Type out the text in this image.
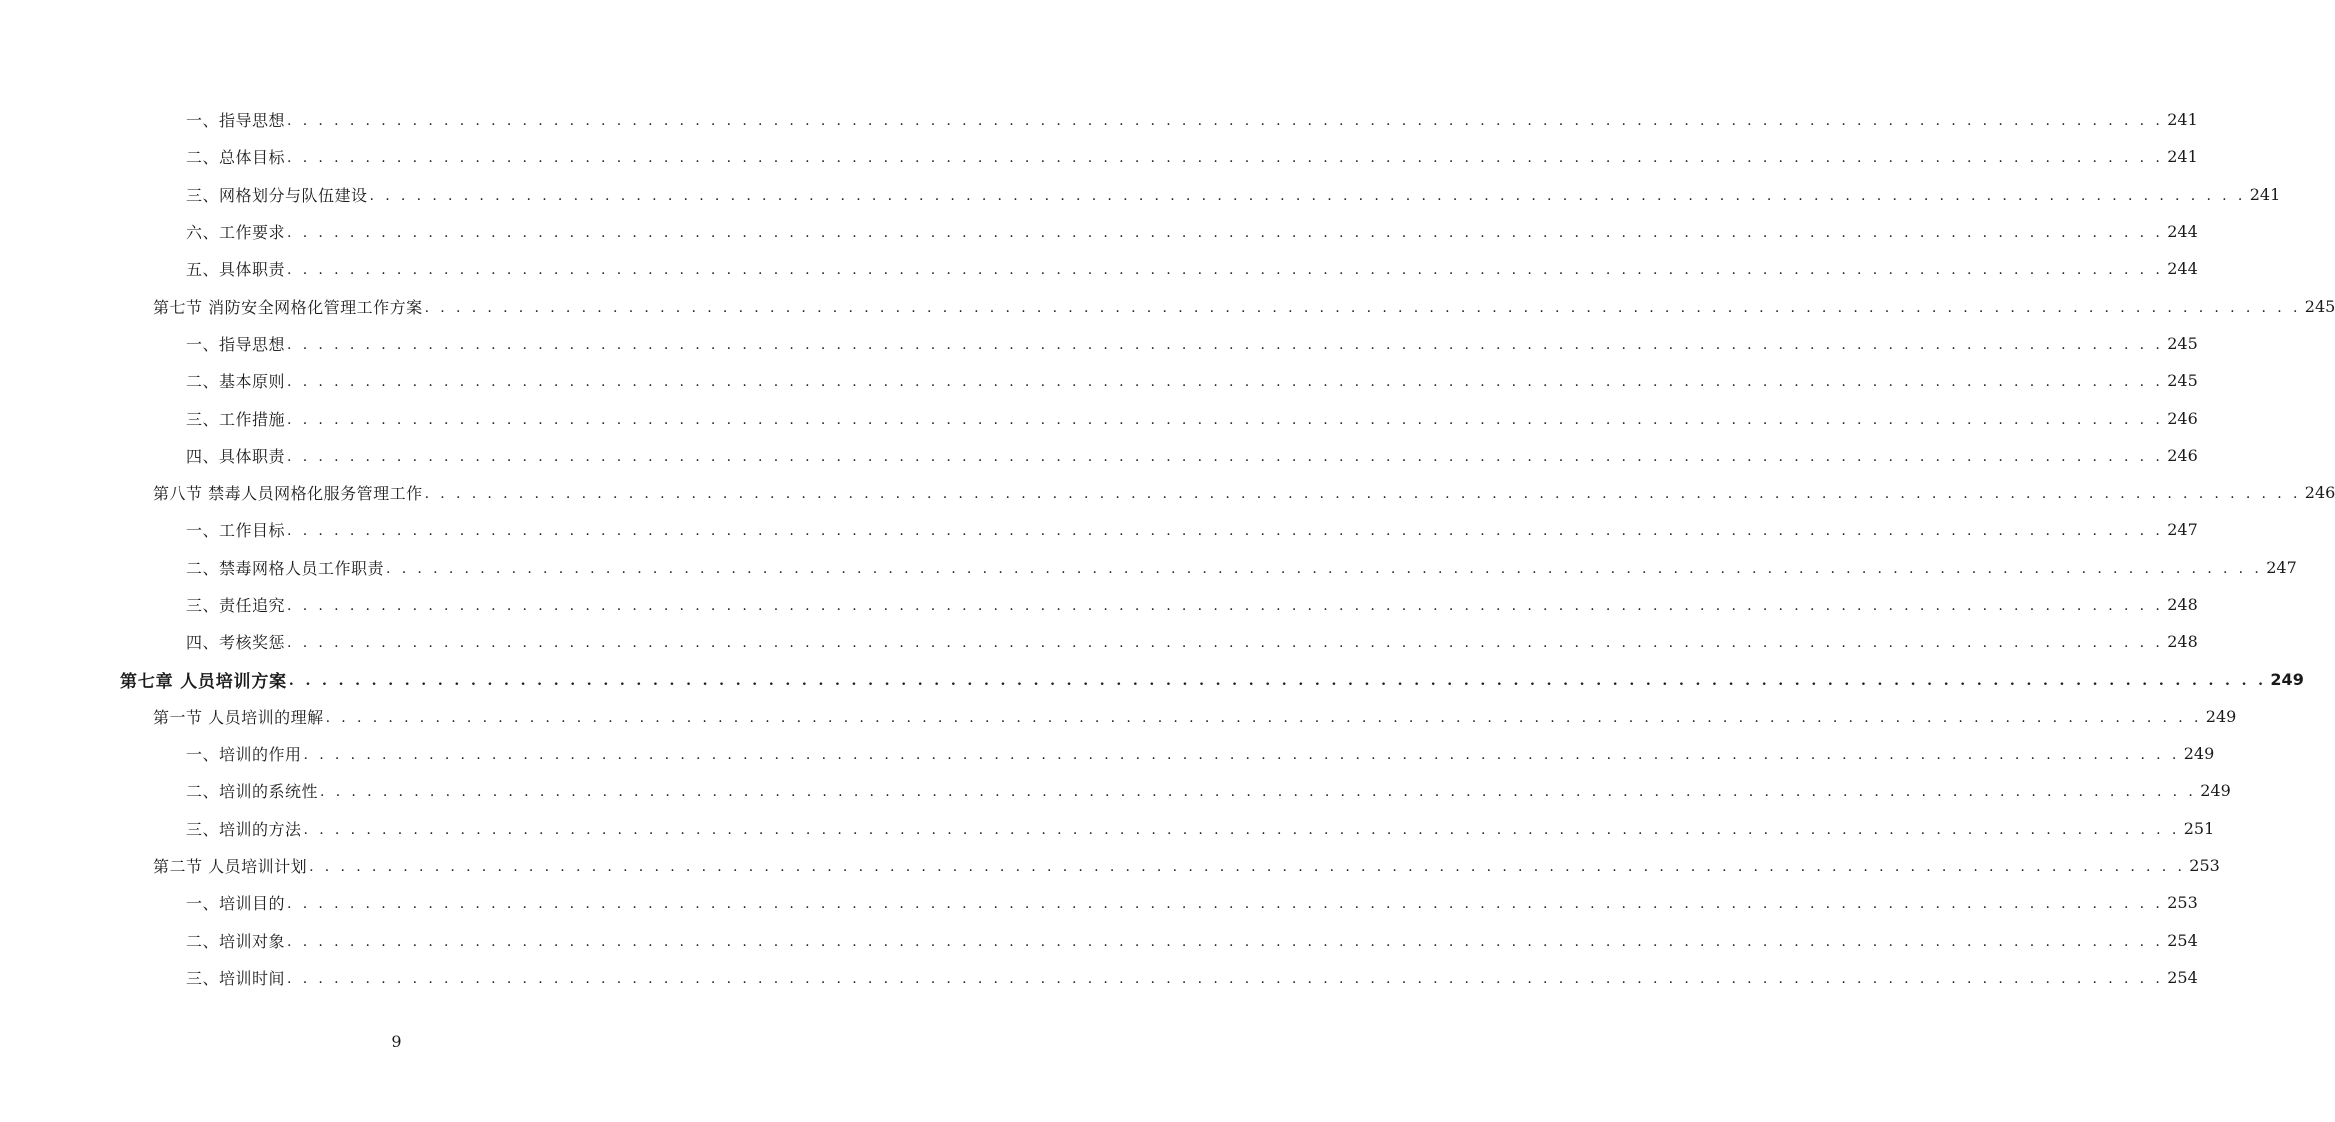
一、指导思想 . . . . . . . . . . . . . . . . . . . . . . . . . . . . . . . . . . . . . . . . . . . . . . . . . . . . . . . . . . . . . . . . . . . . . . . . . . . . . . . . . . . . . . . . . . . . . . . . . . . . . . . . . . . . . . . . . . . . . . . . 241
二、总体目标 . . . . . . . . . . . . . . . . . . . . . . . . . . . . . . . . . . . . . . . . . . . . . . . . . . . . . . . . . . . . . . . . . . . . . . . . . . . . . . . . . . . . . . . . . . . . . . . . . . . . . . . . . . . . . . . . . . . . . . . . 241
三、网格划分与队伍建设 . . . . . . . . . . . . . . . . . . . . . . . . . . . . . . . . . . . . . . . . . . . . . . . . . . . . . . . . . . . . . . . . . . . . . . . . . . . . . . . . . . . . . . . . . . . . . . . . . . . . . . . . . . . . . . . . . . . . . . . . 241
六、工作要求 . . . . . . . . . . . . . . . . . . . . . . . . . . . . . . . . . . . . . . . . . . . . . . . . . . . . . . . . . . . . . . . . . . . . . . . . . . . . . . . . . . . . . . . . . . . . . . . . . . . . . . . . . . . . . . . . . . . . . . . . 244
五、具体职责 . . . . . . . . . . . . . . . . . . . . . . . . . . . . . . . . . . . . . . . . . . . . . . . . . . . . . . . . . . . . . . . . . . . . . . . . . . . . . . . . . . . . . . . . . . . . . . . . . . . . . . . . . . . . . . . . . . . . . . . . 244
第七节 消防安全网格化管理工作方案 . . . . . . . . . . . . . . . . . . . . . . . . . . . . . . . . . . . . . . . . . . . . . . . . . . . . . . . . . . . . . . . . . . . . . . . . . . . . . . . . . . . . . . . . . . . . . . . . . . . . . . . . . . . . . . . . . . . . . . . . 245
一、指导思想 . . . . . . . . . . . . . . . . . . . . . . . . . . . . . . . . . . . . . . . . . . . . . . . . . . . . . . . . . . . . . . . . . . . . . . . . . . . . . . . . . . . . . . . . . . . . . . . . . . . . . . . . . . . . . . . . . . . . . . . . 245
二、基本原则 . . . . . . . . . . . . . . . . . . . . . . . . . . . . . . . . . . . . . . . . . . . . . . . . . . . . . . . . . . . . . . . . . . . . . . . . . . . . . . . . . . . . . . . . . . . . . . . . . . . . . . . . . . . . . . . . . . . . . . . . 245
三、工作措施 . . . . . . . . . . . . . . . . . . . . . . . . . . . . . . . . . . . . . . . . . . . . . . . . . . . . . . . . . . . . . . . . . . . . . . . . . . . . . . . . . . . . . . . . . . . . . . . . . . . . . . . . . . . . . . . . . . . . . . . . 246
四、具体职责 . . . . . . . . . . . . . . . . . . . . . . . . . . . . . . . . . . . . . . . . . . . . . . . . . . . . . . . . . . . . . . . . . . . . . . . . . . . . . . . . . . . . . . . . . . . . . . . . . . . . . . . . . . . . . . . . . . . . . . . . 246
第八节 禁毒人员网格化服务管理工作 . . . . . . . . . . . . . . . . . . . . . . . . . . . . . . . . . . . . . . . . . . . . . . . . . . . . . . . . . . . . . . . . . . . . . . . . . . . . . . . . . . . . . . . . . . . . . . . . . . . . . . . . . . . . . . . . . . . . . . . . 246
一、工作目标 . . . . . . . . . . . . . . . . . . . . . . . . . . . . . . . . . . . . . . . . . . . . . . . . . . . . . . . . . . . . . . . . . . . . . . . . . . . . . . . . . . . . . . . . . . . . . . . . . . . . . . . . . . . . . . . . . . . . . . . . 247
二、禁毒网格人员工作职责 . . . . . . . . . . . . . . . . . . . . . . . . . . . . . . . . . . . . . . . . . . . . . . . . . . . . . . . . . . . . . . . . . . . . . . . . . . . . . . . . . . . . . . . . . . . . . . . . . . . . . . . . . . . . . . . . . . . . . . . . 247
三、责任追究 . . . . . . . . . . . . . . . . . . . . . . . . . . . . . . . . . . . . . . . . . . . . . . . . . . . . . . . . . . . . . . . . . . . . . . . . . . . . . . . . . . . . . . . . . . . . . . . . . . . . . . . . . . . . . . . . . . . . . . . . 248
四、考核奖惩 . . . . . . . . . . . . . . . . . . . . . . . . . . . . . . . . . . . . . . . . . . . . . . . . . . . . . . . . . . . . . . . . . . . . . . . . . . . . . . . . . . . . . . . . . . . . . . . . . . . . . . . . . . . . . . . . . . . . . . . . 248
第七章 人员培训方案 . . . . . . . . . . . . . . . . . . . . . . . . . . . . . . . . . . . . . . . . . . . . . . . . . . . . . . . . . . . . . . . . . . . . . . . . . . . . . . . . . . . . . . . . . . . . . . . . . . . . . . . . . . . . . . . . . . . . . . . . 249
第一节 人员培训的理解 . . . . . . . . . . . . . . . . . . . . . . . . . . . . . . . . . . . . . . . . . . . . . . . . . . . . . . . . . . . . . . . . . . . . . . . . . . . . . . . . . . . . . . . . . . . . . . . . . . . . . . . . . . . . . . . . . . . . . . . . 249
一、培训的作用 . . . . . . . . . . . . . . . . . . . . . . . . . . . . . . . . . . . . . . . . . . . . . . . . . . . . . . . . . . . . . . . . . . . . . . . . . . . . . . . . . . . . . . . . . . . . . . . . . . . . . . . . . . . . . . . . . . . . . . . . 249
二、培训的系统性 . . . . . . . . . . . . . . . . . . . . . . . . . . . . . . . . . . . . . . . . . . . . . . . . . . . . . . . . . . . . . . . . . . . . . . . . . . . . . . . . . . . . . . . . . . . . . . . . . . . . . . . . . . . . . . . . . . . . . . . . 249
三、培训的方法 . . . . . . . . . . . . . . . . . . . . . . . . . . . . . . . . . . . . . . . . . . . . . . . . . . . . . . . . . . . . . . . . . . . . . . . . . . . . . . . . . . . . . . . . . . . . . . . . . . . . . . . . . . . . . . . . . . . . . . . . 251
第二节 人员培训计划 . . . . . . . . . . . . . . . . . . . . . . . . . . . . . . . . . . . . . . . . . . . . . . . . . . . . . . . . . . . . . . . . . . . . . . . . . . . . . . . . . . . . . . . . . . . . . . . . . . . . . . . . . . . . . . . . . . . . . . . . 253
一、培训目的 . . . . . . . . . . . . . . . . . . . . . . . . . . . . . . . . . . . . . . . . . . . . . . . . . . . . . . . . . . . . . . . . . . . . . . . . . . . . . . . . . . . . . . . . . . . . . . . . . . . . . . . . . . . . . . . . . . . . . . . . 253
二、培训对象 . . . . . . . . . . . . . . . . . . . . . . . . . . . . . . . . . . . . . . . . . . . . . . . . . . . . . . . . . . . . . . . . . . . . . . . . . . . . . . . . . . . . . . . . . . . . . . . . . . . . . . . . . . . . . . . . . . . . . . . . 254
三、培训时间 . . . . . . . . . . . . . . . . . . . . . . . . . . . . . . . . . . . . . . . . . . . . . . . . . . . . . . . . . . . . . . . . . . . . . . . . . . . . . . . . . . . . . . . . . . . . . . . . . . . . . . . . . . . . . . . . . . . . . . . . 254
9
